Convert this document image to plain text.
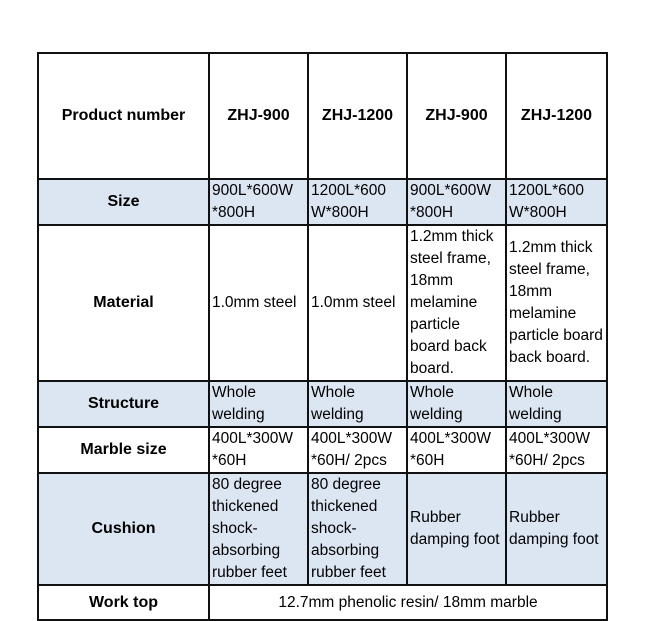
Product number	ZHJ-900	ZHJ-1200	ZHJ-900	ZHJ-1200
Size	900L*600W *800H	1200L*600 W*800H	900L*600W *800H	1200L*600 W*800H
Material	1.0mm steel	1.0mm steel	1.2mm thick steel frame, 18mm melamine particle board back board.	1.2mm thick steel frame, 18mm melamine particle board back board.
Structure	Whole welding	Whole welding	Whole welding	Whole welding
Marble size	400L*300W *60H	400L*300W *60H/ 2pcs	400L*300W *60H	400L*300W *60H/ 2pcs
Cushion	80 degree thickened shock-absorbing rubber feet	80 degree thickened shock-absorbing rubber feet	Rubber damping foot	Rubber damping foot
Work top	12.7mm phenolic resin/ 18mm marble			
